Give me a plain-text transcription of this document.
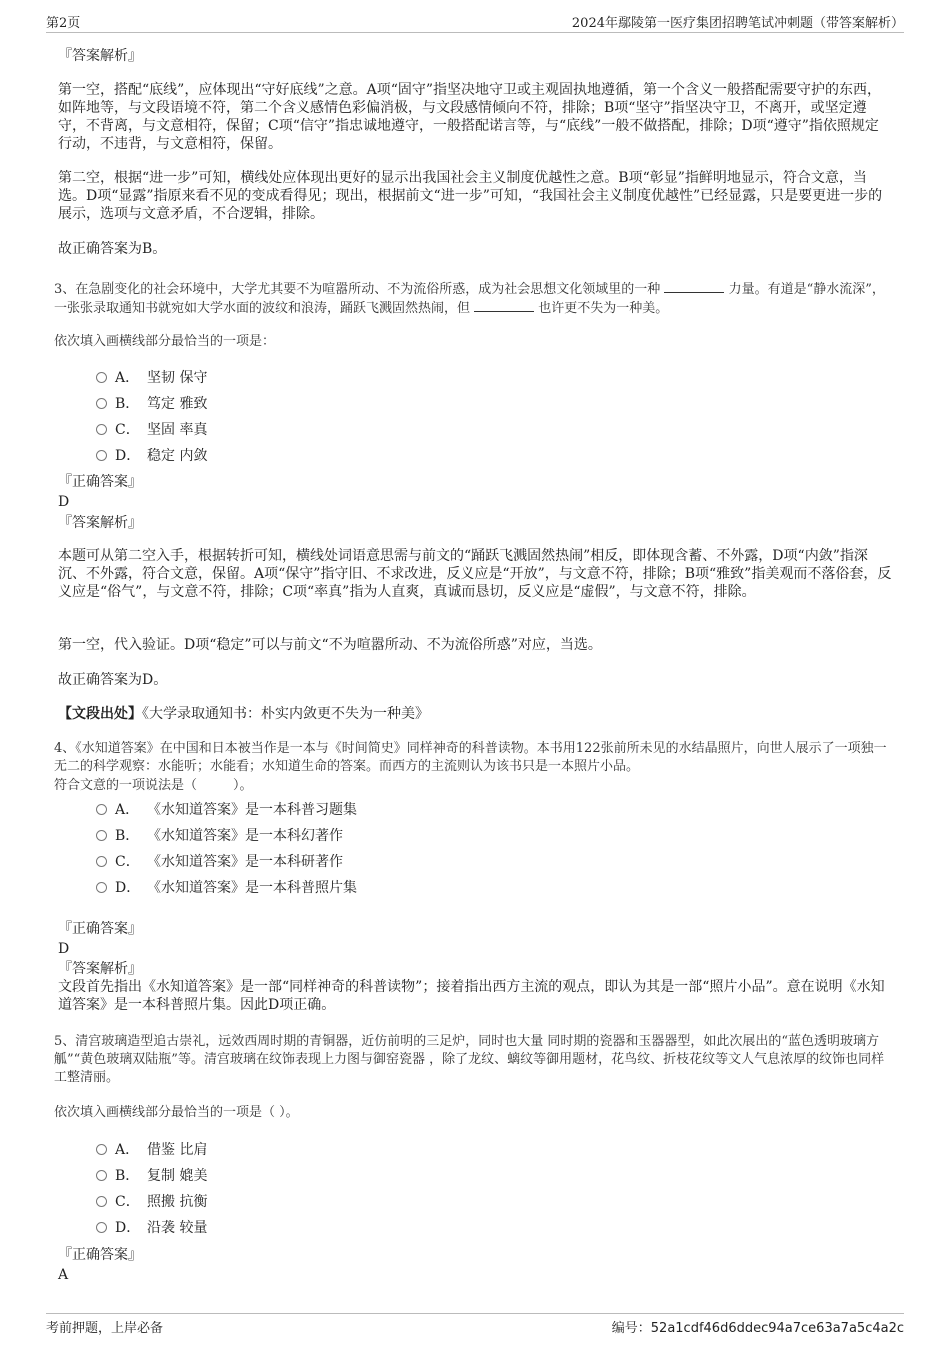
第2页	2024年鄢陵第一医疗集团招聘笔试冲刺题（带答案解析）
『答案解析』
第一空，搭配“底线”，应体现出“守好底线”之意。A项“固守”指坚决地守卫或主观固执地遵循，第一个含义一般搭配需要守护的东西，如阵地等，与文段语境不符，第二个含义感情色彩偏消极，与文段感情倾向不符，排除；B项“坚守”指坚决守卫，不离开，或坚定遵守，不背离，与文意相符，保留；C项“信守”指忠诚地遵守，一般搭配诺言等，与“底线”一般不做搭配，排除；D项“遵守”指依照规定行动，不违背，与文意相符，保留。
第二空，根据“进一步”可知，横线处应体现出更好的显示出我国社会主义制度优越性之意。B项“彰显”指鲜明地显示，符合文意，当选。D项“显露”指原来看不见的变成看得见；现出，根据前文“进一步”可知，“我国社会主义制度优越性”已经显露，只是要更进一步的展示，选项与文意矛盾，不合逻辑，排除。
故正确答案为B。
3、在急剧变化的社会环境中，大学尤其要不为喧嚣所动、不为流俗所惑，成为社会思想文化领域里的一种	力量。有道是“静水流深”，一张张录取通知书就宛如大学水面的波纹和浪涛，踊跃飞溅固然热闹，但	也许更不失为一种美。
依次填入画横线部分最恰当的一项是：
A． 坚韧 保守
B． 笃定 雅致
C． 坚固 率真
D． 稳定 内敛
『正确答案』
D
『答案解析』
本题可从第二空入手，根据转折可知，横线处词语意思需与前文的“踊跃飞溅固然热闹”相反，即体现含蓄、不外露，D项“内敛”指深沉、不外露，符合文意，保留。A项“保守”指守旧、不求改进，反义应是“开放”，与文意不符，排除；B项“雅致”指美观而不落俗套，反义应是“俗气”，与文意不符，排除；C项“率真”指为人直爽，真诚而恳切，反义应是“虚假”，与文意不符，排除。
第一空，代入验证。D项“稳定”可以与前文“不为喧嚣所动、不为流俗所惑”对应，当选。
故正确答案为D。
【文段出处】《大学录取通知书：朴实内敛更不失为一种美》
4、《水知道答案》在中国和日本被当作是一本与《时间简史》同样神奇的科普读物。本书用122张前所未见的水结晶照片，向世人展示了一项独一无二的科学观察：水能听；水能看；水知道生命的答案。而西方的主流则认为该书只是一本照片小品。
符合文意的一项说法是（	）。
A． 《水知道答案》是一本科普习题集
B． 《水知道答案》是一本科幻著作
C． 《水知道答案》是一本科研著作
D． 《水知道答案》是一本科普照片集
『正确答案』
D
『答案解析』
文段首先指出《水知道答案》是一部“同样神奇的科普读物”；接着指出西方主流的观点，即认为其是一部“照片小品”。意在说明《水知道答案》是一本科普照片集。因此D项正确。
5、清宫玻璃造型追古崇礼，远效西周时期的青铜器，近仿前明的三足炉，同时也大量 同时期的瓷器和玉器器型，如此次展出的“蓝色透明玻璃方觚”“黄色玻璃双陆瓶”等。清宫玻璃在纹饰表现上力图与御窑瓷器 ，除了龙纹、螭纹等御用题材，花鸟纹、折枝花纹等文人气息浓厚的纹饰也同样工整清丽。
依次填入画横线部分最恰当的一项是（ ）。
A． 借鉴 比肩
B． 复制 媲美
C． 照搬 抗衡
D． 沿袭 较量
『正确答案』
A
考前押题，上岸必备	编号：52a1cdf46d6ddec94a7ce63a7a5c4a2c
